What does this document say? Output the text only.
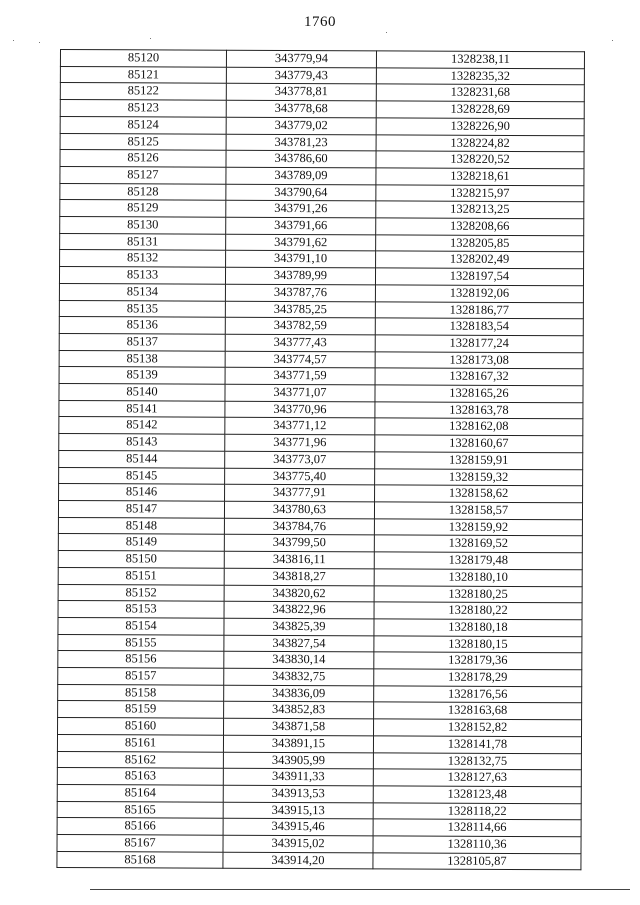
1760
85120	343779,94	1328238,11
85121	343779,43	1328235,32
85122	343778,81	1328231,68
85123	343778,68	1328228,69
85124	343779,02	1328226,90
85125	343781,23	1328224,82
85126	343786,60	1328220,52
85127	343789,09	1328218,61
85128	343790,64	1328215,97
85129	343791,26	1328213,25
85130	343791,66	1328208,66
85131	343791,62	1328205,85
85132	343791,10	1328202,49
85133	343789,99	1328197,54
85134	343787,76	1328192,06
85135	343785,25	1328186,77
85136	343782,59	1328183,54
85137	343777,43	1328177,24
85138	343774,57	1328173,08
85139	343771,59	1328167,32
85140	343771,07	1328165,26
85141	343770,96	1328163,78
85142	343771,12	1328162,08
85143	343771,96	1328160,67
85144	343773,07	1328159,91
85145	343775,40	1328159,32
85146	343777,91	1328158,62
85147	343780,63	1328158,57
85148	343784,76	1328159,92
85149	343799,50	1328169,52
85150	343816,11	1328179,48
85151	343818,27	1328180,10
85152	343820,62	1328180,25
85153	343822,96	1328180,22
85154	343825,39	1328180,18
85155	343827,54	1328180,15
85156	343830,14	1328179,36
85157	343832,75	1328178,29
85158	343836,09	1328176,56
85159	343852,83	1328163,68
85160	343871,58	1328152,82
85161	343891,15	1328141,78
85162	343905,99	1328132,75
85163	343911,33	1328127,63
85164	343913,53	1328123,48
85165	343915,13	1328118,22
85166	343915,46	1328114,66
85167	343915,02	1328110,36
85168	343914,20	1328105,87
